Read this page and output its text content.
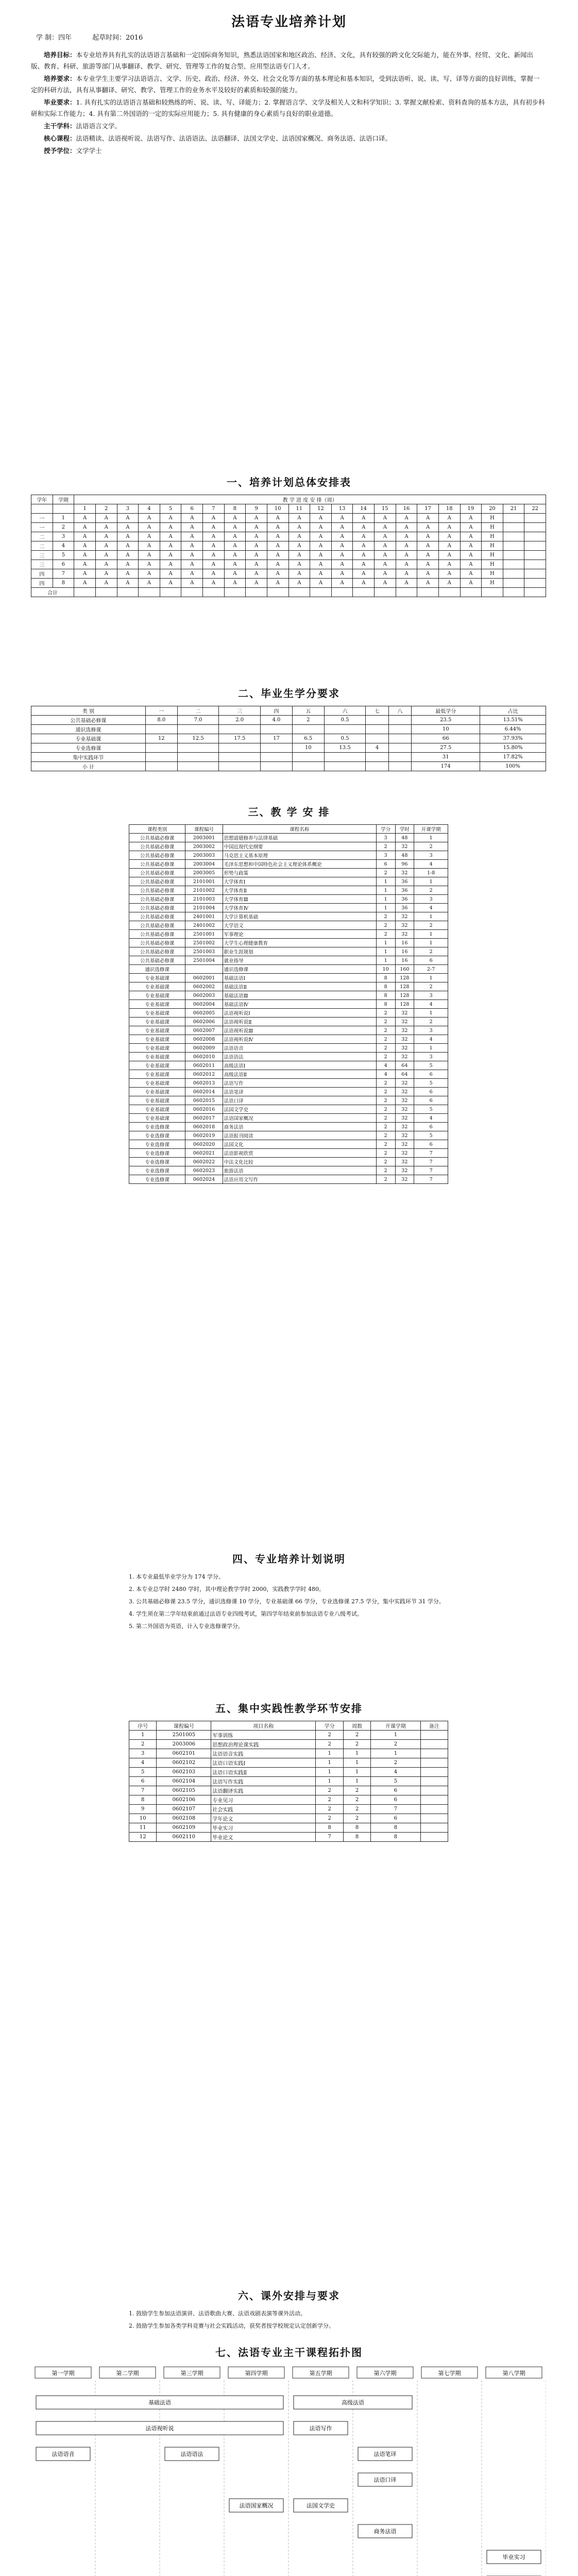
法语专业培养计划
学 制：四年	起草时间：2016

培养目标：本专业培养具有扎实的法语语言基础和一定国际商务知识，熟悉法语国家和地区政治、经济、文化，具有较强的跨文化交际能力，能在外事、经贸、文化、新闻出版、教育、科研、旅游等部门从事翻译、教学、研究、管理等工作的复合型、应用型法语专门人才。

培养要求：本专业学生主要学习法语语言、文学、历史、政治、经济、外交、社会文化等方面的基本理论和基本知识，受到法语听、说、读、写、译等方面的良好训练，掌握一定的科研方法，具有从事翻译、研究、教学、管理工作的业务水平及较好的素质和较强的能力。

毕业要求：1. 具有扎实的法语语言基础和较熟练的听、说、读、写、译能力；2. 掌握语言学、文学及相关人文和科学知识；3. 掌握文献检索、资料查询的基本方法，具有初步科研和实际工作能力；4. 具有第二外国语的一定的实际应用能力；5. 具有健康的身心素质与良好的职业道德。

主干学科：法语语言文学。

核心课程：法语精读、法语视听说、法语写作、法语语法、法语翻译、法国文学史、法语国家概况、商务法语、法语口译。

授予学位：文学学士

一、培养计划总体安排表
学年	学期	教 学 进 度 安 排（周）																					
		1	2	3	4	5	6	7	8	9	10	11	12	13	14	15	16	17	18	19	20	21	22
一	1	A	A	A	A	A	A	A	A	A	A	A	A	A	A	A	A	A	A	A	H		
一	2	A	A	A	A	A	A	A	A	A	A	A	A	A	A	A	A	A	A	A	H		
二	3	A	A	A	A	A	A	A	A	A	A	A	A	A	A	A	A	A	A	A	H		
二	4	A	A	A	A	A	A	A	A	A	A	A	A	A	A	A	A	A	A	A	H		
三	5	A	A	A	A	A	A	A	A	A	A	A	A	A	A	A	A	A	A	A	H		
三	6	A	A	A	A	A	A	A	A	A	A	A	A	A	A	A	A	A	A	A	H		
四	7	A	A	A	A	A	A	A	A	A	A	A	A	A	A	A	A	A	A	A	H		
四	8	A	A	A	A	A	A	A	A	A	A	A	A	A	A	A	A	A	A	A	H		
合计																							
二、毕业生学分要求
类 别	一	二	三	四	五	六	七	八	最低学分	占比
公共基础必修课	8.0	7.0	2.0	4.0	2	0.5			23.5	13.51%
通识选修课									10	6.44%
专业基础课	12	12.5	17.5	17	6.5	0.5			66	37.93%
专业选修课					10	13.5	4		27.5	15.80%
集中实践环节									31	17.82%
小 计									174	100%
三、教 学 安 排
课程类别	课程编号	课程名称	学分	学时	开课学期
公共基础必修课	2003001	思想道德修养与法律基础	3	48	1
公共基础必修课	2003002	中国近现代史纲要	2	32	2
公共基础必修课	2003003	马克思主义基本原理	3	48	3
公共基础必修课	2003004	毛泽东思想和中国特色社会主义理论体系概论	6	96	4
公共基础必修课	2003005	形势与政策	2	32	1-8
公共基础必修课	2101001	大学体育Ⅰ	1	36	1
公共基础必修课	2101002	大学体育Ⅱ	1	36	2
公共基础必修课	2101003	大学体育Ⅲ	1	36	3
公共基础必修课	2101004	大学体育Ⅳ	1	36	4
公共基础必修课	2401001	大学计算机基础	2	32	1
公共基础必修课	2401002	大学语文	2	32	2
公共基础必修课	2501001	军事理论	2	32	1
公共基础必修课	2501002	大学生心理健康教育	1	16	1
公共基础必修课	2501003	职业生涯规划	1	16	2
公共基础必修课	2501004	就业指导	1	16	6
通识选修课		通识选修课	10	160	2-7
专业基础课	0602001	基础法语Ⅰ	8	128	1
专业基础课	0602002	基础法语Ⅱ	8	128	2
专业基础课	0602003	基础法语Ⅲ	8	128	3
专业基础课	0602004	基础法语Ⅳ	8	128	4
专业基础课	0602005	法语视听说Ⅰ	2	32	1
专业基础课	0602006	法语视听说Ⅱ	2	32	2
专业基础课	0602007	法语视听说Ⅲ	2	32	3
专业基础课	0602008	法语视听说Ⅳ	2	32	4
专业基础课	0602009	法语语音	2	32	1
专业基础课	0602010	法语语法	2	32	3
专业基础课	0602011	高级法语Ⅰ	4	64	5
专业基础课	0602012	高级法语Ⅱ	4	64	6
专业基础课	0602013	法语写作	2	32	5
专业基础课	0602014	法语笔译	2	32	6
专业基础课	0602015	法语口译	2	32	6
专业基础课	0602016	法国文学史	2	32	5
专业基础课	0602017	法语国家概况	2	32	4
专业选修课	0602018	商务法语	2	32	6
专业选修课	0602019	法语报刊阅读	2	32	5
专业选修课	0602020	法国文化	2	32	6
专业选修课	0602021	法语影视欣赏	2	32	7
专业选修课	0602022	中法文化比较	2	32	7
专业选修课	0602023	旅游法语	2	32	7
专业选修课	0602024	法语应用文写作	2	32	7
四、专业培养计划说明

1. 本专业最低毕业学分为 174 学分。

2. 本专业总学时 2480 学时，其中理论教学学时 2000，实践教学学时 480。

3. 公共基础必修课 23.5 学分，通识选修课 10 学分，专业基础课 66 学分，专业选修课 27.5 学分，集中实践环节 31 学分。

4. 学生须在第二学年结束前通过法语专业四级考试，第四学年结束前参加法语专业八级考试。

5. 第二外国语为英语，计入专业选修课学分。

五、集中实践性教学环节安排
序号	课程编号	项目名称	学分	周数	开课学期	备注
1	2501005	军事训练	2	2	1	
2	2003006	思想政治理论课实践	2	2	2	
3	0602101	法语语音实践	1	1	1	
4	0602102	法语口语实践Ⅰ	1	1	2	
5	0602103	法语口语实践Ⅱ	1	1	4	
6	0602104	法语写作实践	1	1	5	
7	0602105	法语翻译实践	2	2	6	
8	0602106	专业见习	2	2	6	
9	0602107	社会实践	2	2	7	
10	0602108	学年论文	2	2	6	
11	0602109	毕业实习	8	8	8	
12	0602110	毕业论文	7	8	8	
六、课外安排与要求

1. 鼓励学生参加法语演讲、法语歌曲大赛、法语戏剧表演等课外活动。

2. 鼓励学生参加各类学科竞赛与社会实践活动，获奖者按学校规定认定创新学分。

七、法语专业主干课程拓扑图
第一学期	第二学期	第三学期	第四学期	第五学期	第六学期	第七学期	第八学期
基础法语
法语视听说
法语语音	法语语法
高级法语
法语写作
法语笔译
法语口译
法国文学史
法语国家概况
商务法语
毕业实习
